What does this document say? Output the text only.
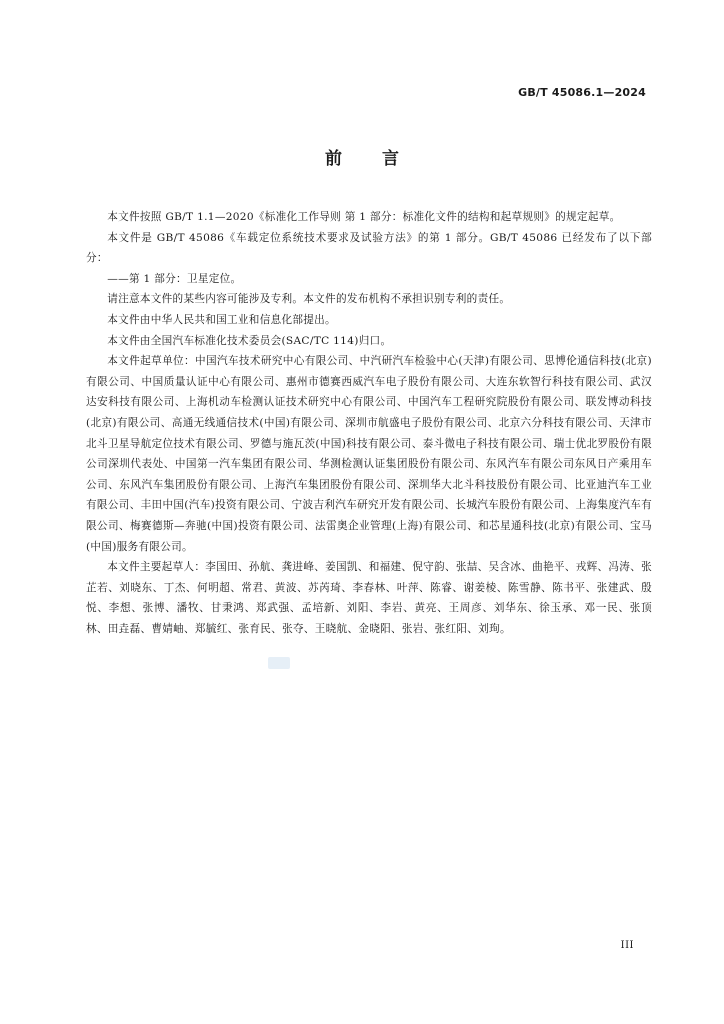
GB/T 45086.1—2024
前 言

本文件按照 GB/T 1.1—2020《标准化工作导则 第 1 部分：标准化文件的结构和起草规则》的规定起草。

本文件是 GB/T 45086《车载定位系统技术要求及试验方法》的第 1 部分。GB/T 45086 已经发布了以下部分：

——第 1 部分：卫星定位。

请注意本文件的某些内容可能涉及专利。本文件的发布机构不承担识别专利的责任。

本文件由中华人民共和国工业和信息化部提出。

本文件由全国汽车标准化技术委员会(SAC/TC 114)归口。

本文件起草单位：中国汽车技术研究中心有限公司、中汽研汽车检验中心(天津)有限公司、思博伦通信科技(北京)有限公司、中国质量认证中心有限公司、惠州市德赛西威汽车电子股份有限公司、大连东软智行科技有限公司、武汉达安科技有限公司、上海机动车检测认证技术研究中心有限公司、中国汽车工程研究院股份有限公司、联发博动科技(北京)有限公司、高通无线通信技术(中国)有限公司、深圳市航盛电子股份有限公司、北京六分科技有限公司、天津市北斗卫星导航定位技术有限公司、罗德与施瓦茨(中国)科技有限公司、泰斗微电子科技有限公司、瑞士优北罗股份有限公司深圳代表处、中国第一汽车集团有限公司、华测检测认证集团股份有限公司、东风汽车有限公司东风日产乘用车公司、东风汽车集团股份有限公司、上海汽车集团股份有限公司、深圳华大北斗科技股份有限公司、比亚迪汽车工业有限公司、丰田中国(汽车)投资有限公司、宁波吉利汽车研究开发有限公司、长城汽车股份有限公司、上海集度汽车有限公司、梅赛德斯—奔驰(中国)投资有限公司、法雷奥企业管理(上海)有限公司、和芯星通科技(北京)有限公司、宝马(中国)服务有限公司。

本文件主要起草人：李国田、孙航、龚进峰、姜国凯、和福建、倪守韵、张喆、吴含冰、曲艳平、戎辉、冯涛、张芷若、刘晓东、丁杰、何明超、常君、黄波、苏芮琦、李春林、叶萍、陈睿、谢姜棱、陈雪静、陈书平、张建武、殷悦、李想、张博、潘牧、甘秉鸿、郑武强、孟培新、刘阳、李岩、黄亮、王周彦、刘华东、徐玉承、邓一民、张顶林、田垚磊、曹婧岫、郑毓红、张育民、张夺、王晓航、金晓阳、张岩、张红阳、刘珣。

III
